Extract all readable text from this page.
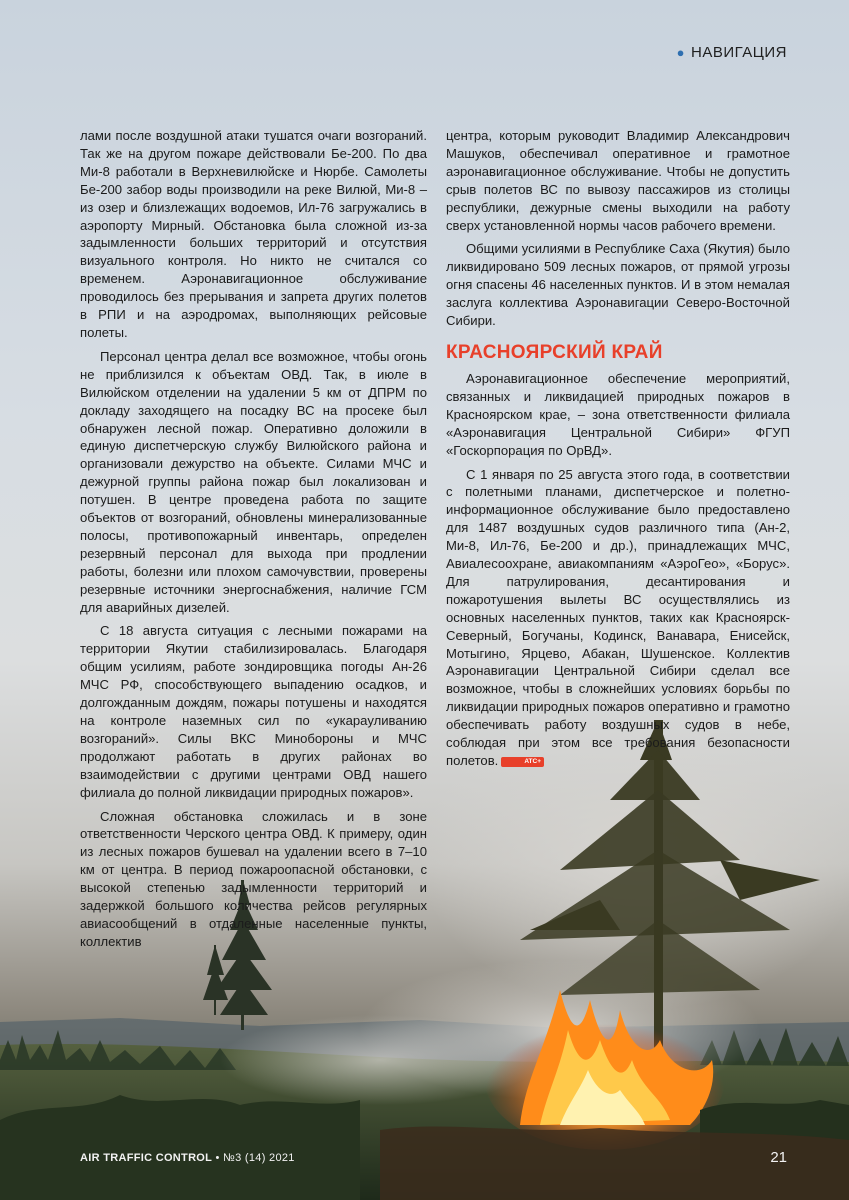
● НАВИГАЦИЯ

лами после воздушной атаки тушатся очаги возгораний. Так же на другом пожаре действовали Бе-200. По два Ми-8 работали в Верхневилюйске и Нюрбе. Самолеты Бе-200 забор воды производили на реке Вилюй, Ми-8 – из озер и близлежащих водоемов, Ил-76 загружались в аэропорту Мирный. Обстановка была сложной из-за задымленности больших территорий и отсутствия визуального контроля. Но никто не считался со временем. Аэронавигационное обслуживание проводилось без прерывания и запрета других полетов в РПИ и на аэродромах, выполняющих рейсовые полеты.

Персонал центра делал все возможное, чтобы огонь не приблизился к объектам ОВД. Так, в июле в Вилюйском отделении на удалении 5 км от ДПРМ по докладу заходящего на посадку ВС на просеке был обнаружен лесной пожар. Оперативно доложили в единую диспетчерскую службу Вилюйского района и организовали дежурство на объекте. Силами МЧС и дежурной группы района пожар был локализован и потушен. В центре проведена работа по защите объектов от возгораний, обновлены минерализованные полосы, противопожарный инвентарь, определен резервный персонал для выхода при продлении работы, болезни или плохом самочувствии, проверены резервные источники энергоснабжения, наличие ГСМ для аварийных дизелей.

С 18 августа ситуация с лесными пожарами на территории Якутии стабилизировалась. Благодаря общим усилиям, работе зондировщика погоды Ан-26 МЧС РФ, способствующего выпадению осадков, и долгожданным дождям, пожары потушены и находятся на контроле наземных сил по «укарауливанию возгораний». Силы ВКС Минобороны и МЧС продолжают работать в других районах во взаимодействии с другими центрами ОВД нашего филиала до полной ликвидации природных пожаров».

Сложная обстановка сложилась и в зоне ответственности Черского центра ОВД. К примеру, один из лесных пожаров бушевал на удалении всего в 7–10 км от центра. В период пожароопасной обстановки, с высокой степенью задымленности территорий и задержкой большого количества рейсов регулярных авиасообщений в отдаленные населенные пункты, коллектив

центра, которым руководит Владимир Александрович Машуков, обеспечивал оперативное и грамотное аэронавигационное обслуживание. Чтобы не допустить срыв полетов ВС по вывозу пассажиров из столицы республики, дежурные смены выходили на работу сверх установленной нормы часов рабочего времени.

Общими усилиями в Республике Саха (Якутия) было ликвидировано 509 лесных пожаров, от прямой угрозы огня спасены 46 населенных пунктов. И в этом немалая заслуга коллектива Аэронавигации Северо-Восточной Сибири.

КРАСНОЯРСКИЙ КРАЙ

Аэронавигационное обеспечение мероприятий, связанных и ликвидацией природных пожаров в Красноярском крае, – зона ответственности филиала «Аэронавигация Центральной Сибири» ФГУП «Госкорпорация по ОрВД».

С 1 января по 25 августа этого года, в соответствии с полетными планами, диспетчерское и полетно-информационное обслуживание было предоставлено для 1487 воздушных судов различного типа (Ан-2, Ми-8, Ил-76, Бе-200 и др.), принадлежащих МЧС, Авиалесоохране, авиакомпаниям «АэроГео», «Борус». Для патрулирования, десантирования и пожаротушения вылеты ВС осуществлялись из основных населенных пунктов, таких как Красноярск-Северный, Богучаны, Кодинск, Ванавара, Енисейск, Мотыгино, Ярцево, Абакан, Шушенское. Коллектив Аэронавигации Центральной Сибири сделал все возможное, чтобы в сложнейших условиях борьбы по ликвидации природных пожаров оперативно и грамотно обеспечивать работу воздушных судов в небе, соблюдая при этом все требования безопасности полетов.	ATC+

AIR TRAFFIC CONTROL • №3 (14) 2021	21
